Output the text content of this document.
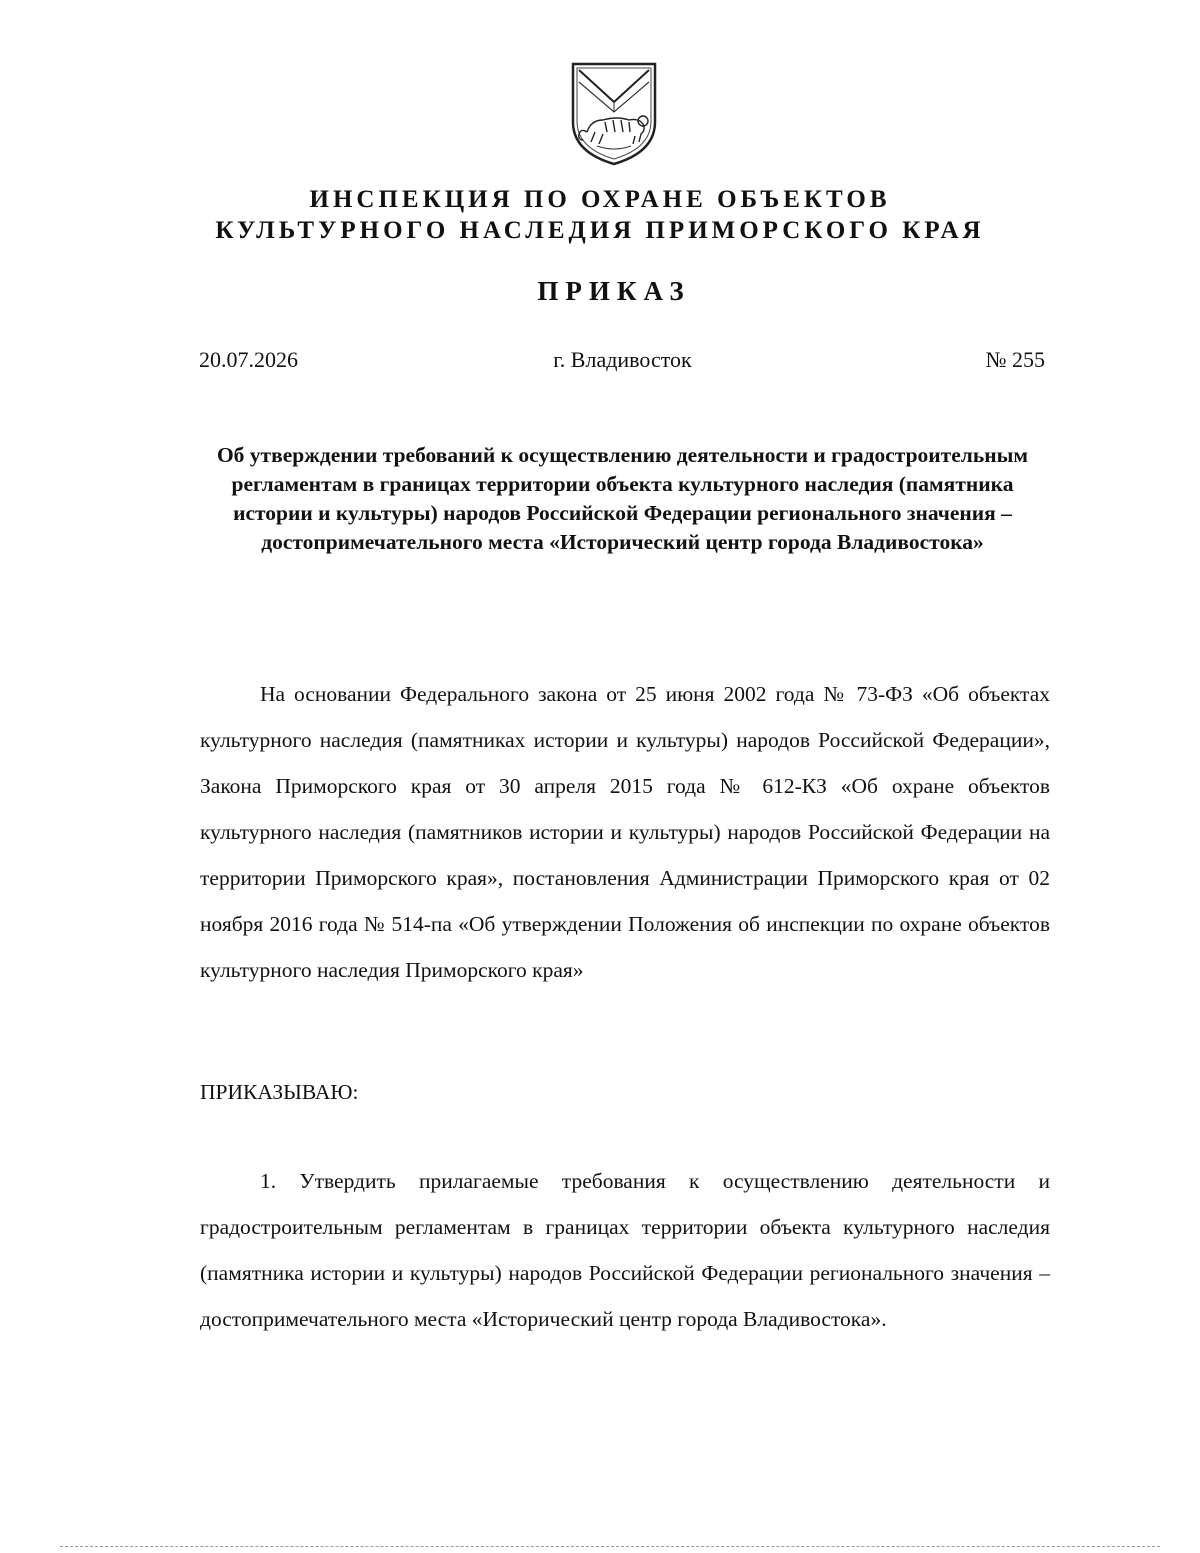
ИНСПЕКЦИЯ ПО ОХРАНЕ ОБЪЕКТОВ
КУЛЬТУРНОГО НАСЛЕДИЯ ПРИМОРСКОГО КРАЯ
ПРИКАЗ
20.07.2026	г. Владивосток	№ 255
Об утверждении требований к осуществлению деятельности и градостроительным регламентам в границах территории объекта культурного наследия (памятника истории и культуры) народов Российской Федерации регионального значения – достопримечательного места «Исторический центр города Владивостока»
На основании Федерального закона от 25 июня 2002 года № 73-ФЗ «Об объектах культурного наследия (памятниках истории и культуры) народов Российской Федерации», Закона Приморского края от 30 апреля 2015 года № 612-КЗ «Об охране объектов культурного наследия (памятников истории и культуры) народов Российской Федерации на территории Приморского края», постановления Администрации Приморского края от 02 ноября 2016 года № 514-па «Об утверждении Положения об инспекции по охране объектов культурного наследия Приморского края»
ПРИКАЗЫВАЮ:
1. Утвердить прилагаемые требования к осуществлению деятельности и градостроительным регламентам в границах территории объекта культурного наследия (памятника истории и культуры) народов Российской Федерации регионального значения – достопримечательного места «Исторический центр города Владивостока».
